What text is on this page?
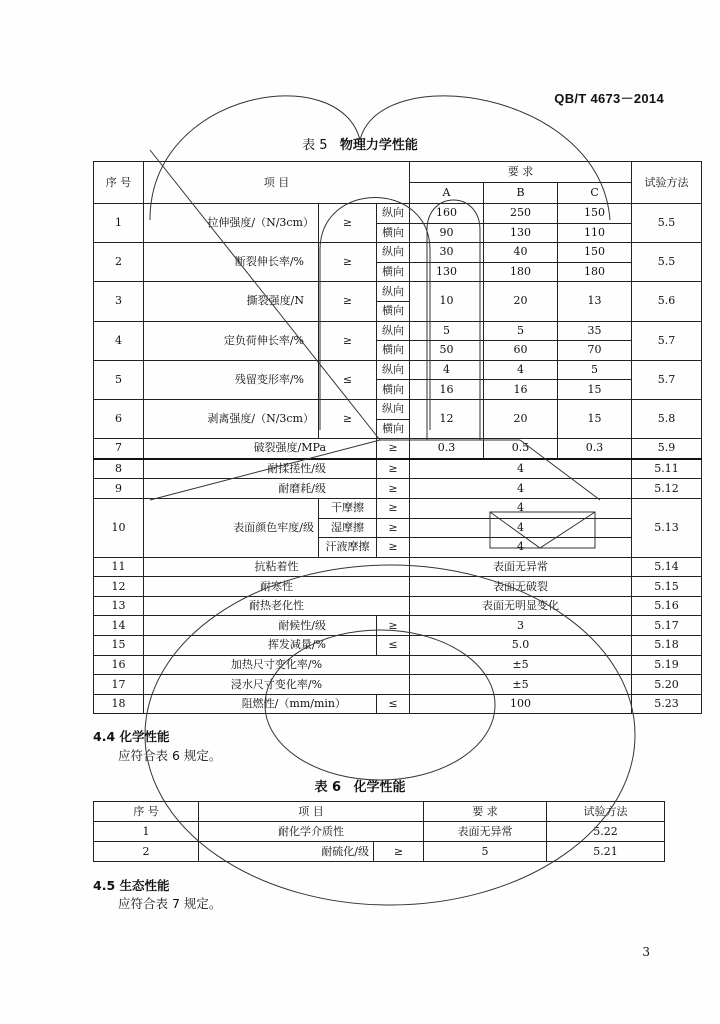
QB/T 4673－2014
表 5 物理力学性能
序 号	项 目			要 求			试验方法
				A	B	C	
1	拉伸强度/（N/3cm）	≥	纵向	160	250	150	5.5
			横向	90	130	110	
2	断裂伸长率/%	≥	纵向	30	40	150	5.5
			横向	130	180	180	
3	撕裂强度/N	≥	纵向	10	20	13	5.6
			横向				
4	定负荷伸长率/%	≥	纵向	5	5	35	5.7
			横向	50	60	70	
5	残留变形率/%	≤	纵向	4	4	5	5.7
			横向	16	16	15	
6	剥离强度/（N/3cm）	≥	纵向	12	20	15	5.8
			横向				
7	破裂强度/MPa		≥	0.3	0.5	0.3	5.9
8	耐揉搓性/级		≥	4			5.11
9	耐磨耗/级		≥	4			5.12
10	表面颜色牢度/级	干摩擦	≥	4			5.13
		湿摩擦	≥	4			
		汗液摩擦	≥	4			
11	抗粘着性			表面无异常			5.14
12	耐寒性			表面无破裂			5.15
13	耐热老化性			表面无明显变化			5.16
14	耐候性/级		≥	3			5.17
15	挥发减量/%		≤	5.0			5.18
16	加热尺寸变化率/%			±5			5.19
17	浸水尺寸变化率/%			±5			5.20
18	阻燃性/（mm/min）		≤	100			5.23
4.4 化学性能
应符合表 6 规定。
表 6 化学性能
序 号	项 目		要 求	试验方法
1	耐化学介质性		表面无异常	5.22
2	耐硫化/级	≥	5	5.21
4.5 生态性能
应符合表 7 规定。
3
